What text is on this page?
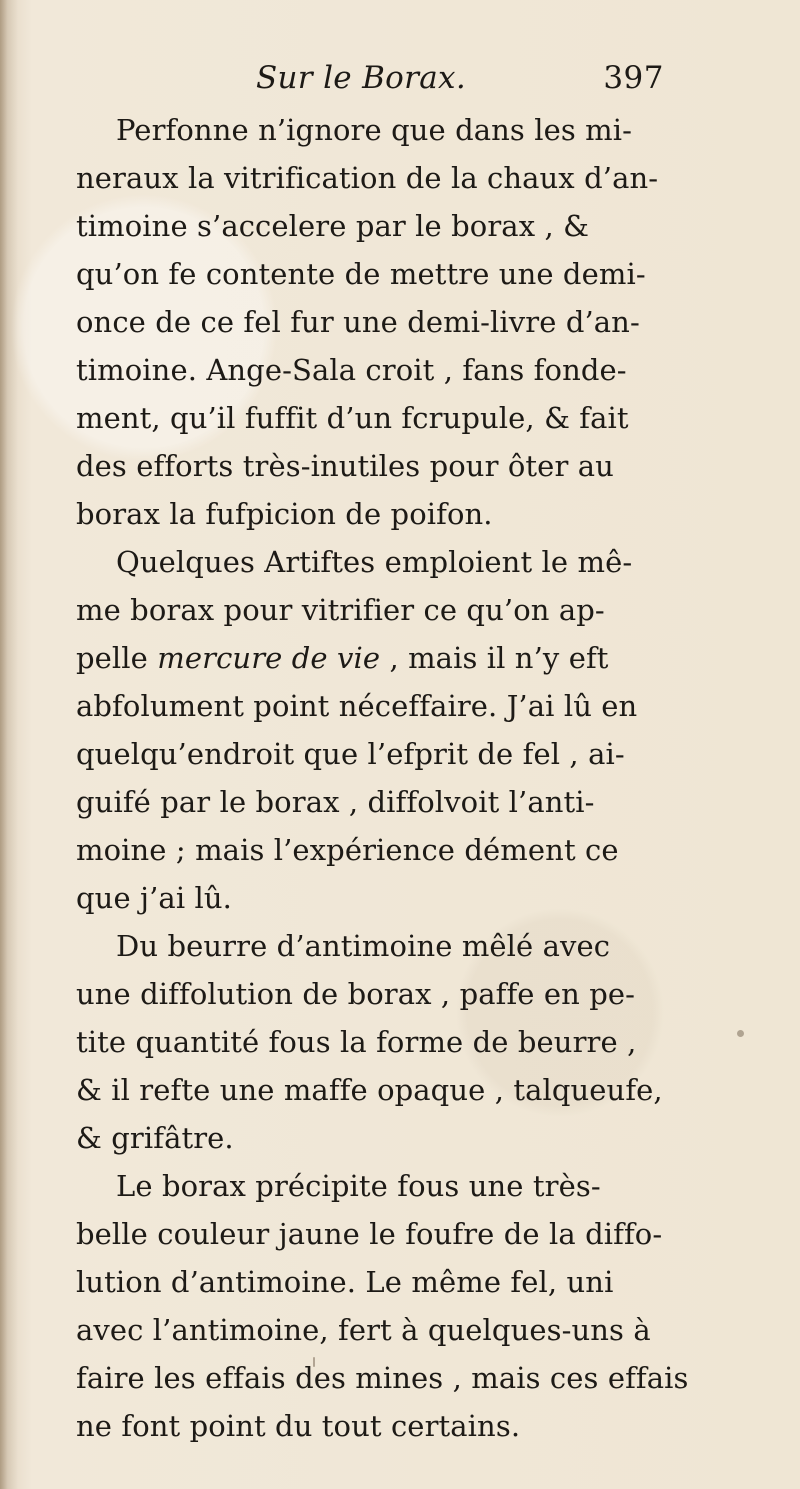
Sur le Borax.	397
Perfonne n’ignore que dans les mi-
neraux la vitrification de la chaux d’an-
timoine s’accelere par le borax , &
qu’on fe contente de mettre une demi-
once de ce fel fur une demi-livre d’an-
timoine. Ange-Sala croit , fans fonde-
ment, qu’il fuffit d’un fcrupule, & fait
des efforts très-inutiles pour ôter au
borax la fufpicion de poifon.
Quelques Artiftes emploient le mê-
me borax pour vitrifier ce qu’on ap-
pelle mercure de vie , mais il n’y eft
abfolument point néceffaire. J’ai lû en
quelqu’endroit que l’efprit de fel , ai-
guifé par le borax , diffolvoit l’anti-
moine ; mais l’expérience dément ce
que j’ai lû.
Du beurre d’antimoine mêlé avec
une diffolution de borax , paffe en pe-
tite quantité fous la forme de beurre ,
& il refte une maffe opaque , talqueufe,
& grifâtre.
Le borax précipite fous une très-
belle couleur jaune le foufre de la diffo-
lution d’antimoine. Le même fel, uni
avec l’antimoine, fert à quelques-uns à
faire les effais des mines , mais ces effais
ne font point du tout certains.
